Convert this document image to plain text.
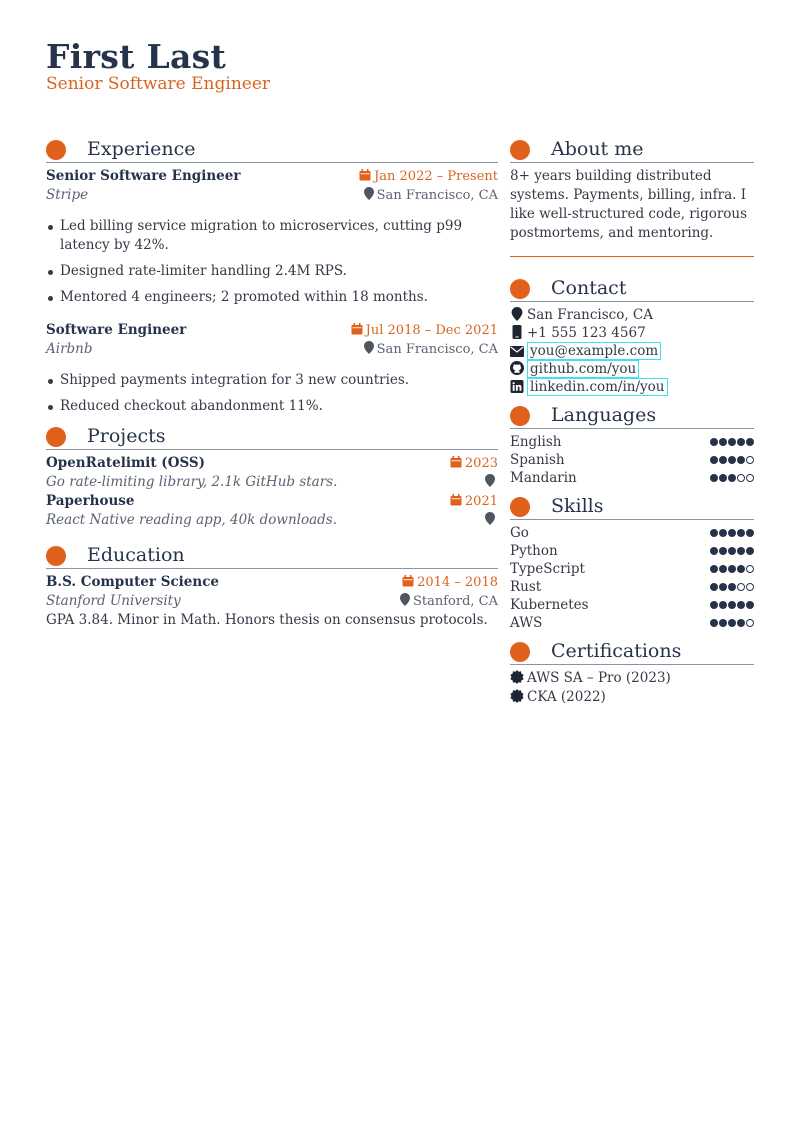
First Last
Senior Software Engineer
Experience
Senior Software Engineer	Jan 2022 – Present
Stripe	San Francisco, CA
Led billing service migration to microservices, cutting p99 latency by 42%.
Designed rate-limiter handling 2.4M RPS.
Mentored 4 engineers; 2 promoted within 18 months.
Software Engineer	Jul 2018 – Dec 2021
Airbnb	San Francisco, CA
Shipped payments integration for 3 new countries.
Reduced checkout abandonment 11%.
Projects
OpenRatelimit (OSS)	2023
Go rate-limiting library, 2.1k GitHub stars.
Paperhouse	2021
React Native reading app, 40k downloads.
Education
B.S. Computer Science	2014 – 2018
Stanford University	Stanford, CA
GPA 3.84. Minor in Math. Honors thesis on consensus protocols.
About me

8+ years building distributed systems. Payments, billing, infra. I like well-structured code, rigorous postmortems, and mentoring.

Contact
San Francisco, CA
+1 555 123 4567
you@example.com
github.com/you
linkedin.com/in/you
Languages
English
Spanish
Mandarin
Skills
Go
Python
TypeScript
Rust
Kubernetes
AWS
Certifications
AWS SA – Pro (2023)
CKA (2022)
